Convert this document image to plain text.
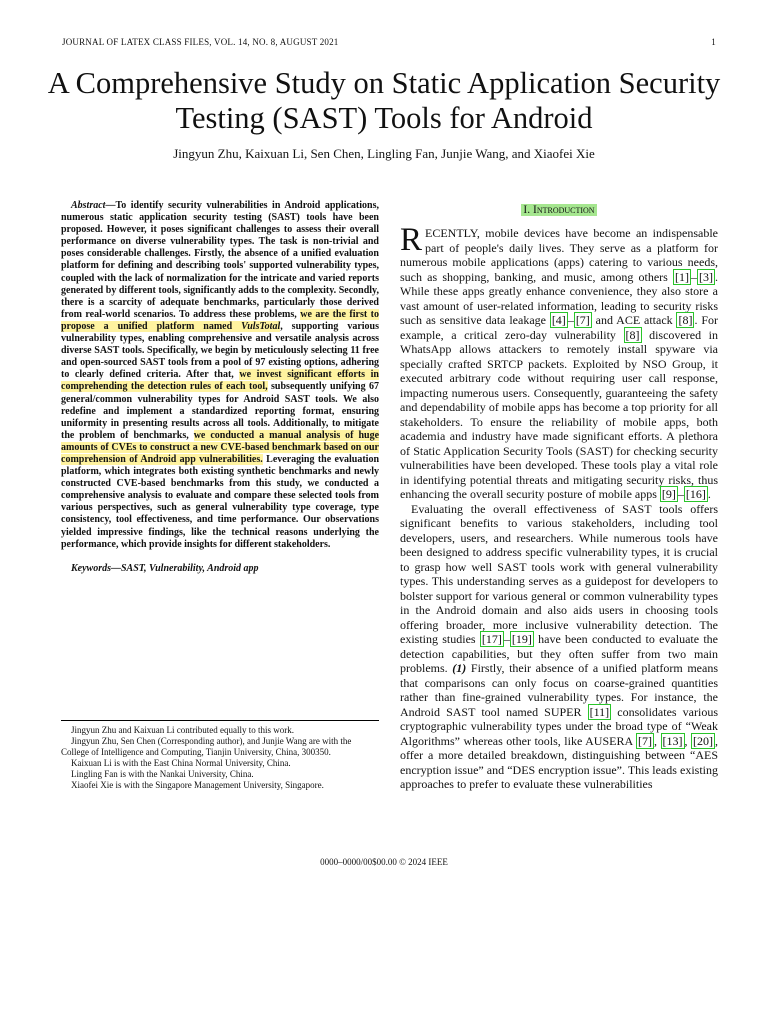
JOURNAL OF LATEX CLASS FILES, VOL. 14, NO. 8, AUGUST 2021	1
A Comprehensive Study on Static Application Security Testing (SAST) Tools for Android
Jingyun Zhu, Kaixuan Li, Sen Chen, Lingling Fan, Junjie Wang, and Xiaofei Xie

Abstract—To identify security vulnerabilities in Android applications, numerous static application security testing (SAST) tools have been proposed. However, it poses significant challenges to assess their overall performance on diverse vulnerability types. The task is non-trivial and poses considerable challenges. Firstly, the absence of a unified evaluation platform for defining and describing tools' supported vulnerability types, coupled with the lack of normalization for the intricate and varied reports generated by different tools, significantly adds to the complexity. Secondly, there is a scarcity of adequate benchmarks, particularly those derived from real-world scenarios. To address these problems, we are the first to propose a unified platform named VulsTotal, supporting various vulnerability types, enabling comprehensive and versatile analysis across diverse SAST tools. Specifically, we begin by meticulously selecting 11 free and open-sourced SAST tools from a pool of 97 existing options, adhering to clearly defined criteria. After that, we invest significant efforts in comprehending the detection rules of each tool, subsequently unifying 67 general/common vulnerability types for Android SAST tools. We also redefine and implement a standardized reporting format, ensuring uniformity in presenting results across all tools. Additionally, to mitigate the problem of benchmarks, we conducted a manual analysis of huge amounts of CVEs to construct a new CVE-based benchmark based on our comprehension of Android app vulnerabilities. Leveraging the evaluation platform, which integrates both existing synthetic benchmarks and newly constructed CVE-based benchmarks from this study, we conducted a comprehensive analysis to evaluate and compare these selected tools from various perspectives, such as general vulnerability type coverage, type consistency, tool effectiveness, and time performance. Our observations yielded impressive findings, like the technical reasons underlying the performance, which provide insights for different stakeholders.

Keywords—SAST, Vulnerability, Android app

Jingyun Zhu and Kaixuan Li contributed equally to this work.

Jingyun Zhu, Sen Chen (Corresponding author), and Junjie Wang are with the College of Intelligence and Computing, Tianjin University, China, 300350.

Kaixuan Li is with the East China Normal University, China.

Lingling Fan is with the Nankai University, China.

Xiaofei Xie is with the Singapore Management University, Singapore.

I. Introduction

RECENTLY, mobile devices have become an indispensable part of people's daily lives. They serve as a platform for numerous mobile applications (apps) catering to various needs, such as shopping, banking, and music, among others [1] – [3] . While these apps greatly enhance convenience, they also store a vast amount of user-related information, leading to security risks such as sensitive data leakage [4] – [7] and ACE attack [8] . For example, a critical zero-day vulnerability [8] discovered in WhatsApp allows attackers to remotely install spyware via specially crafted SRTCP packets. Exploited by NSO Group, it executed arbitrary code without requiring user call response, impacting numerous users. Consequently, guaranteeing the safety and dependability of mobile apps has become a top priority for all stakeholders. To ensure the reliability of mobile apps, both academia and industry have made significant efforts. A plethora of Static Application Security Tools (SAST) for checking security vulnerabilities have been developed. These tools play a vital role in identifying potential threats and mitigating security risks, thus enhancing the overall security posture of mobile apps [9] – [16] .

Evaluating the overall effectiveness of SAST tools offers significant benefits to various stakeholders, including tool developers, users, and researchers. While numerous tools have been designed to address specific vulnerability types, it is crucial to grasp how well SAST tools work with general vulnerability types. This understanding serves as a guidepost for developers to bolster support for various general or common vulnerability types in the Android domain and also aids users in choosing tools offering broader, more inclusive vulnerability detection. The existing studies [17] – [19] have been conducted to evaluate the detection capabilities, but they often suffer from two main problems. (1) Firstly, their absence of a unified platform means that comparisons can only focus on coarse-grained quantities rather than fine-grained vulnerability types. For instance, the Android SAST tool named SUPER [11] consolidates various cryptographic vulnerability types under the broad type of “Weak Algorithms” whereas other tools, like AUSERA [7] , [13] , [20] , offer a more detailed breakdown, distinguishing between “AES encryption issue” and “DES encryption issue”. This leads existing approaches to prefer to evaluate these vulnerabilities

0000–0000/00$00.00 © 2024 IEEE
